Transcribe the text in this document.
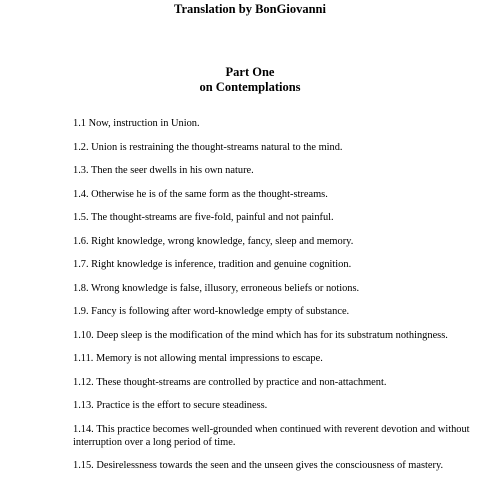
Translation by BonGiovanni
Part One
on Contemplations
1.1 Now, instruction in Union.
1.2. Union is restraining the thought-streams natural to the mind.
1.3. Then the seer dwells in his own nature.
1.4. Otherwise he is of the same form as the thought-streams.
1.5. The thought-streams are five-fold, painful and not painful.
1.6. Right knowledge, wrong knowledge, fancy, sleep and memory.
1.7. Right knowledge is inference, tradition and genuine cognition.
1.8. Wrong knowledge is false, illusory, erroneous beliefs or notions.
1.9. Fancy is following after word-knowledge empty of substance.
1.10. Deep sleep is the modification of the mind which has for its substratum nothingness.
1.11. Memory is not allowing mental impressions to escape.
1.12. These thought-streams are controlled by practice and non-attachment.
1.13. Practice is the effort to secure steadiness.
1.14. This practice becomes well-grounded when continued with reverent devotion and without interruption over a long period of time.
1.15. Desirelessness towards the seen and the unseen gives the consciousness of mastery.
